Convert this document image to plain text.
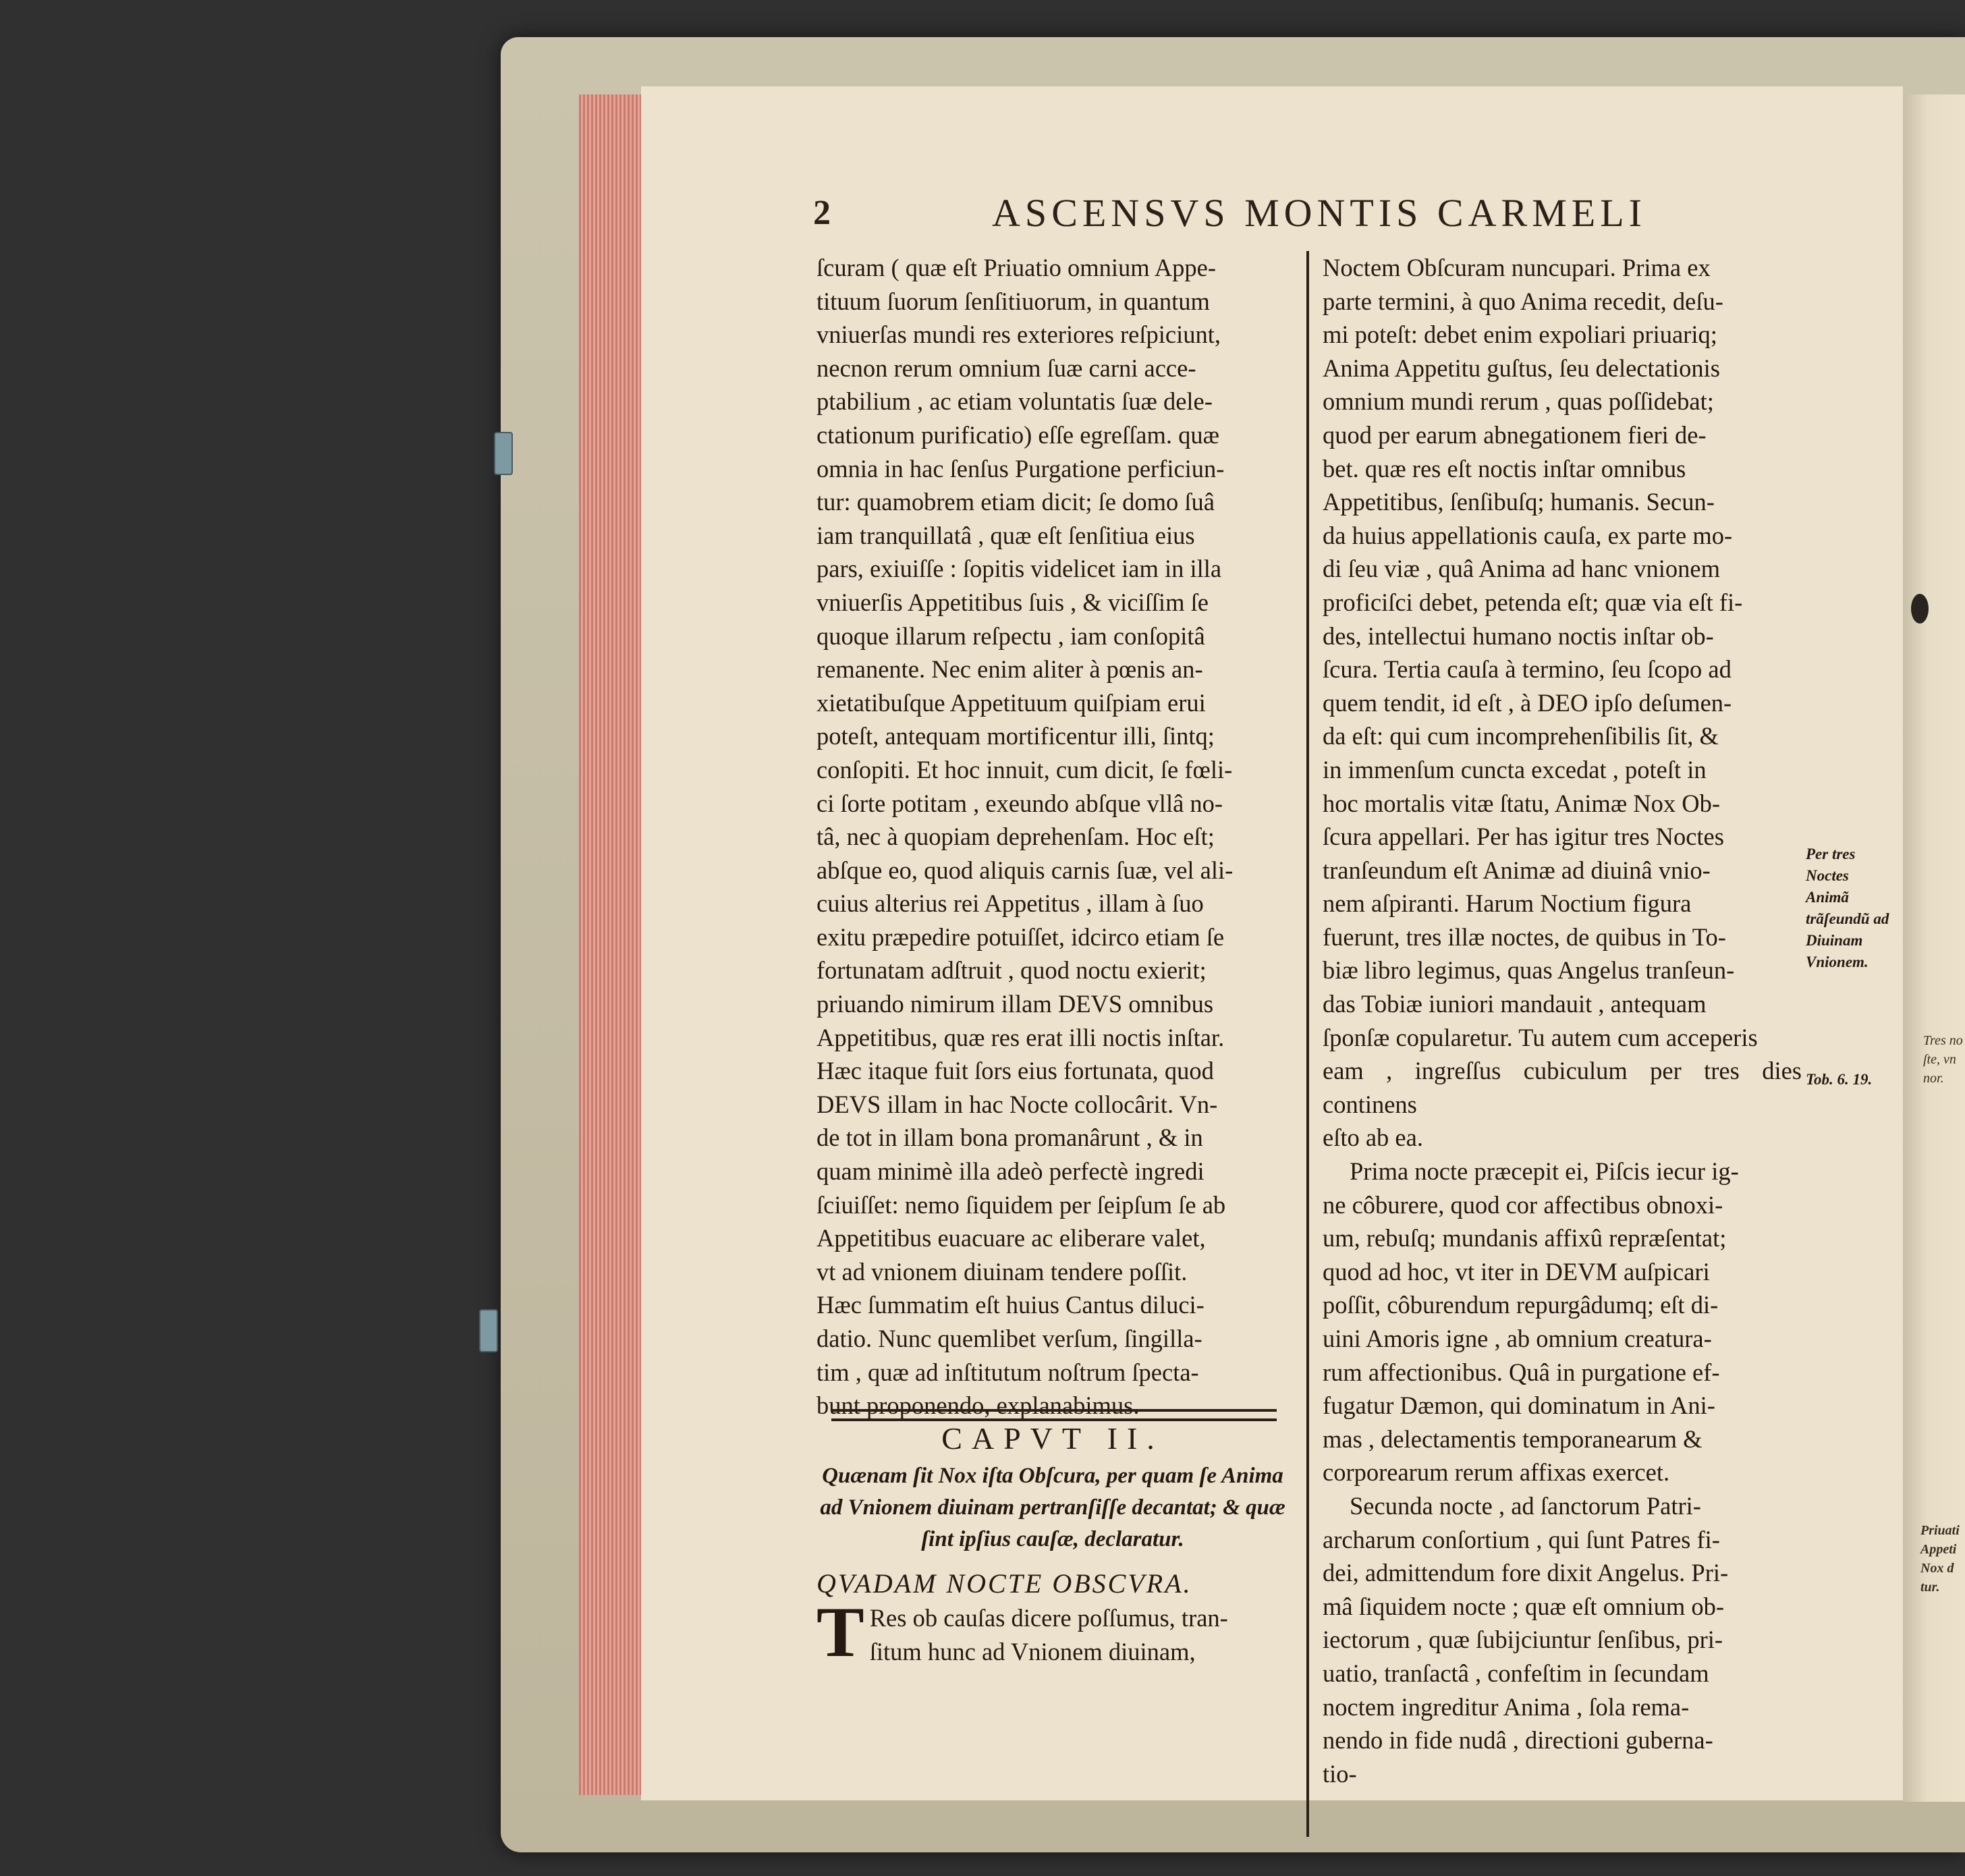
2	ASCENSVS MONTIS CARMELI

ſcuram ( quæ eſt Priuatio omnium Appe-

tituum ſuorum ſenſitiuorum, in quantum

vniuerſas mundi res exteriores reſpiciunt,

necnon rerum omnium ſuæ carni acce-

ptabilium , ac etiam voluntatis ſuæ dele-

ctationum purificatio) eſſe egreſſam. quæ

omnia in hac ſenſus Purgatione perficiun-

tur: quamobrem etiam dicit; ſe domo ſuâ

iam tranquillatâ , quæ eſt ſenſitiua eius

pars, exiuiſſe : ſopitis videlicet iam in illa

vniuerſis Appetitibus ſuis , & viciſſim ſe

quoque illarum reſpectu , iam conſopitâ

remanente. Nec enim aliter à pœnis an-

xietatibuſque Appetituum quiſpiam erui

poteſt, antequam mortificentur illi, ſintq;

conſopiti. Et hoc innuit, cum dicit, ſe fœli-

ci ſorte potitam , exeundo abſque vllâ no-

tâ, nec à quopiam deprehenſam. Hoc eſt;

abſque eo, quod aliquis carnis ſuæ, vel ali-

cuius alterius rei Appetitus , illam à ſuo

exitu præpedire potuiſſet, idcirco etiam ſe

fortunatam adſtruit , quod noctu exierit;

priuando nimirum illam DEVS omnibus

Appetitibus, quæ res erat illi noctis inſtar.

Hæc itaque fuit ſors eius fortunata, quod

DEVS illam in hac Nocte collocârit. Vn-

de tot in illam bona promanârunt , & in

quam minimè illa adeò perfectè ingredi

ſciuiſſet: nemo ſiquidem per ſeipſum ſe ab

Appetitibus euacuare ac eliberare valet,

vt ad vnionem diuinam tendere poſſit.

Hæc ſummatim eſt huius Cantus diluci-

datio. Nunc quemlibet verſum, ſingilla-

tim , quæ ad inſtitutum noſtrum ſpecta-

bunt proponendo, explanabimus.

Noctem Obſcuram nuncupari. Prima ex

parte termini, à quo Anima recedit, deſu-

mi poteſt: debet enim expoliari priuariq;

Anima Appetitu guſtus, ſeu delectationis

omnium mundi rerum , quas poſſidebat;

quod per earum abnegationem fieri de-

bet. quæ res eſt noctis inſtar omnibus

Appetitibus, ſenſibuſq; humanis. Secun-

da huius appellationis cauſa, ex parte mo-

di ſeu viæ , quâ Anima ad hanc vnionem

proficiſci debet, petenda eſt; quæ via eſt fi-

des, intellectui humano noctis inſtar ob-

ſcura. Tertia cauſa à termino, ſeu ſcopo ad

quem tendit, id eſt , à DEO ipſo deſumen-

da eſt: qui cum incomprehenſibilis ſit, &

in immenſum cuncta excedat , poteſt in

hoc mortalis vitæ ſtatu, Animæ Nox Ob-

ſcura appellari. Per has igitur tres Noctes

tranſeundum eſt Animæ ad diuinâ vnio-

nem aſpiranti. Harum Noctium figura

fuerunt, tres illæ noctes, de quibus in To-

biæ libro legimus, quas Angelus tranſeun-

das Tobiæ iuniori mandauit , antequam

ſponſæ copularetur. Tu autem cum acceperis

eam , ingreſſus cubiculum per tres dies continens

eſto ab ea.

Prima nocte præcepit ei, Piſcis iecur ig-

ne côburere, quod cor affectibus obnoxi-

um, rebuſq; mundanis affixû repræſentat;

quod ad hoc, vt iter in DEVM auſpicari

poſſit, côburendum repurgâdumq; eſt di-

uini Amoris igne , ab omnium creatura-

rum affectionibus. Quâ in purgatione ef-

fugatur Dæmon, qui dominatum in Ani-

mas , delectamentis temporanearum &

corporearum rerum affixas exercet.

Secunda nocte , ad ſanctorum Patri-

archarum conſortium , qui ſunt Patres fi-

dei, admittendum fore dixit Angelus. Pri-

mâ ſiquidem nocte ; quæ eſt omnium ob-

iectorum , quæ ſubijciuntur ſenſibus, pri-

uatio, tranſactâ , confeſtim in ſecundam

noctem ingreditur Anima , ſola rema-

nendo in fide nudâ , directioni guberna-

tio-

CAPVT II.

Quænam ſit Nox iſta Obſcura, per quam ſe Anima ad Vnionem diuinam pertranſiſſe decantat; & quæ ſint ipſius cauſæ, declaratur.

QVADAM NOCTE OBSCVRA.

T Res ob cauſas dicere poſſumus, tran-
ſitum hunc ad Vnionem diuinam,
Per tres Noctes Animã trãſeundũ ad Diuinam Vnionem.
Tob. 6. 19.
Tres no ſte, vn nor.
Priuati Appeti Nox d tur.
